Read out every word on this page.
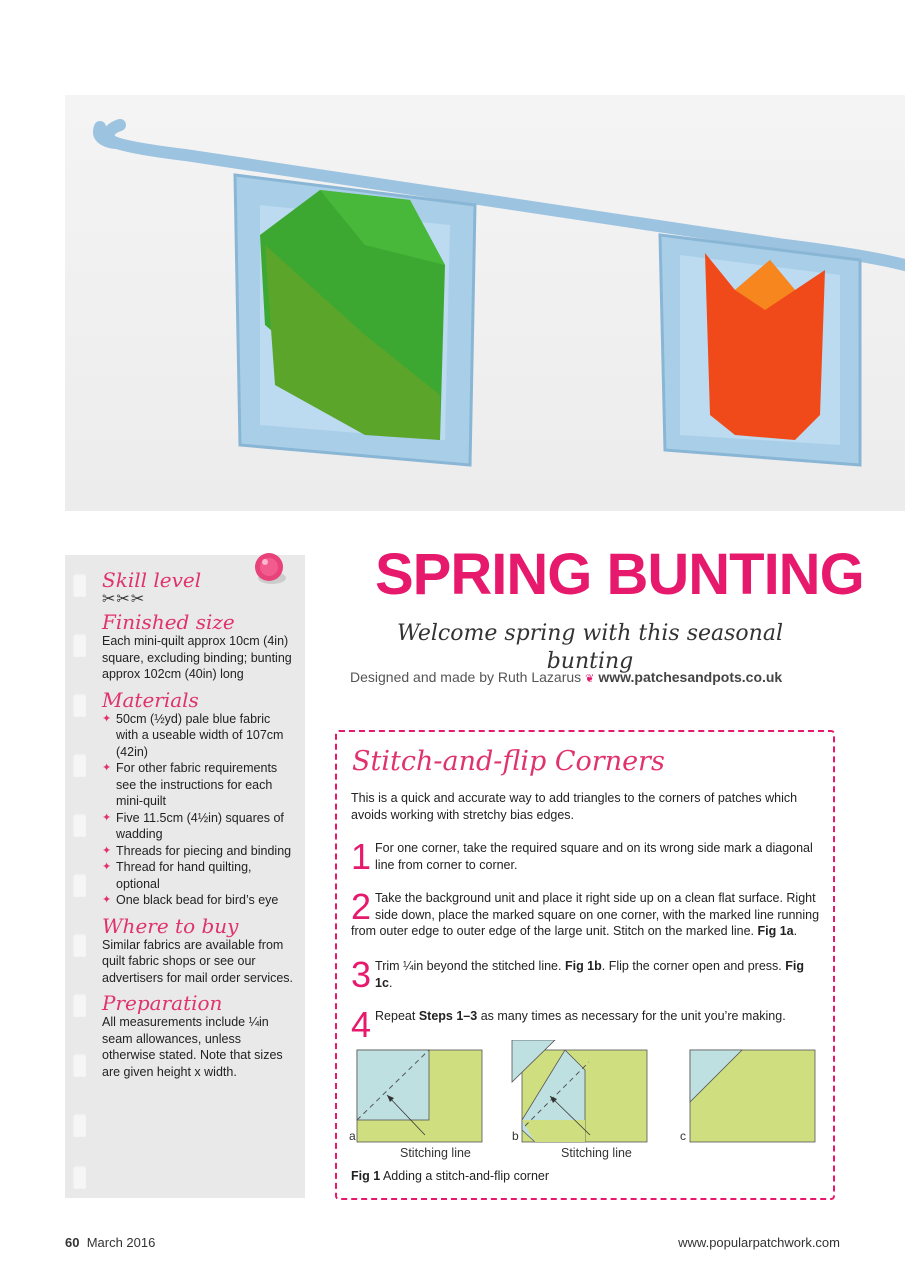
Skill level

✂✂✂

Finished size

Each mini-quilt approx 10cm (4in) square, excluding binding; bunting approx 102cm (40in) long

Materials
✦ 50cm (½yd) pale blue fabric with a useable width of 107cm (42in)
✦ For other fabric requirements see the instructions for each mini-quilt
✦ Five 11.5cm (4½in) squares of wadding
✦ Threads for piecing and binding
✦ Thread for hand quilting, optional
✦ One black bead for bird’s eye
Where to buy

Similar fabrics are available from quilt fabric shops or see our advertisers for mail order services.

Preparation

All measurements include ¼in seam allowances, unless otherwise stated. Note that sizes are given height x width.

SPRING BUNTING

Welcome spring with this seasonal bunting

Designed and made by Ruth Lazarus ❦ www.patchesandpots.co.uk

Stitch-and-flip Corners

This is a quick and accurate way to add triangles to the corners of patches which avoids working with stretchy bias edges.

1 For one corner, take the required square and on its wrong side mark a diagonal line from corner to corner.

2 Take the background unit and place it right side up on a clean flat surface. Right side down, place the marked square on one corner, with the marked line running from outer edge to outer edge of the large unit. Stitch on the marked line. Fig 1a.

3 Trim ¼in beyond the stitched line. Fig 1b. Flip the corner open and press. Fig 1c.

4 Repeat Steps 1–3 as many times as necessary for the unit you’re making.

a
Stitching line
b
Stitching line
c

Fig 1 Adding a stitch-and-flip corner

60 March 2016	www.popularpatchwork.com
